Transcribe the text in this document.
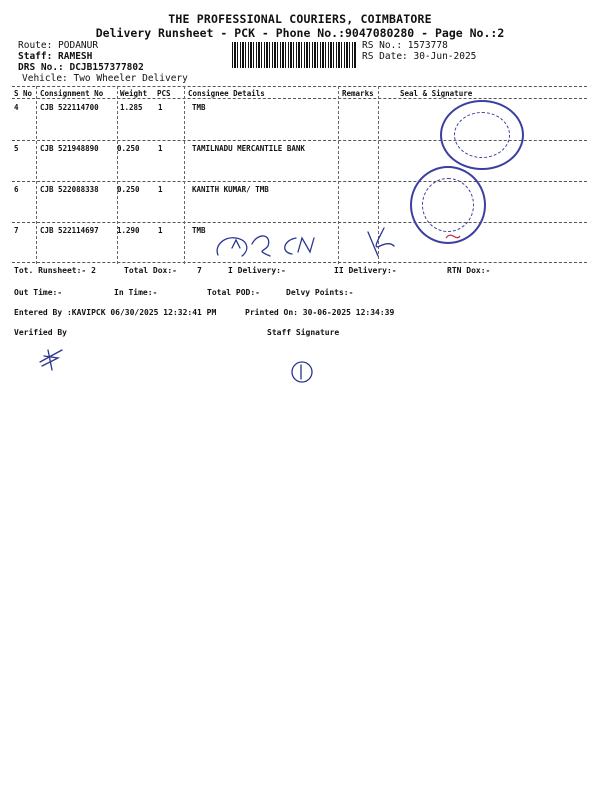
THE PROFESSIONAL COURIERS, COIMBATORE
Delivery Runsheet - PCK - Phone No.:9047080280 - Page No.:2
Route: PODANUR
Staff: RAMESH
DRS No.: DCJB157377802
Vehicle: Two Wheeler Delivery
RS No.: 1573778
RS Date: 30-Jun-2025
S No Consignment No Weight PCS Consignee Details	Remarks	Seal & Signature
4	CJB 522114700	1.285 1	TMB
5	CJB 521948890 0.250 1	TAMILNADU MERCANTILE BANK
6	CJB 522088338 0.250 1	KANITH KUMAR/ TMB
7	CJB 522114697 1.290 1	TMB
Tot. Runsheet:- 2	Total Dox:-	7	I Delivery:-	II Delivery:-	RTN Dox:-
Out Time:-	In Time:-	Total POD:-	Delvy Points:-
Entered By :KAVIPCK 06/30/2025 12:32:41 PM	Printed On: 30-06-2025 12:34:39
Verified By	Staff Signature
